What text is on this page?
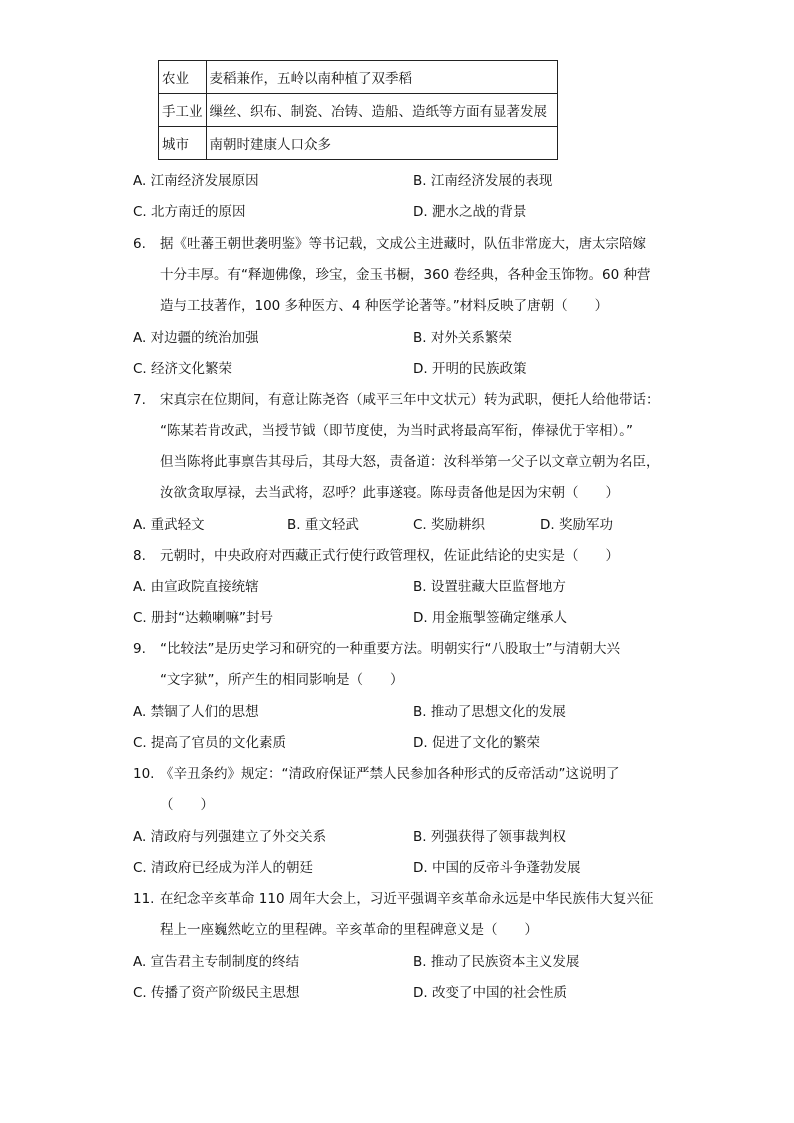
农业	麦稻兼作，五岭以南种植了双季稻
手工业	缫丝、织布、制瓷、冶铸、造船、造纸等方面有显著发展
城市	南朝时建康人口众多
A. 江南经济发展原因	B. 江南经济发展的表现
C. 北方南迁的原因	D. 淝水之战的背景
6. 据《吐蕃王朝世袭明鉴》等书记载，文成公主进藏时，队伍非常庞大，唐太宗陪嫁
十分丰厚。有“释迦佛像，珍宝，金玉书橱，360 卷经典，各种金玉饰物。60 种营
造与工技著作，100 多种医方、4 种医学论著等。”材料反映了唐朝（　　）
A. 对边疆的统治加强	B. 对外关系繁荣
C. 经济文化繁荣	D. 开明的民族政策
7. 宋真宗在位期间，有意让陈尧咨（咸平三年中文状元）转为武职，便托人给他带话：
“陈某若肯改武，当授节钺（即节度使，为当时武将最高军衔，俸禄优于宰相）。”
但当陈将此事禀告其母后，其母大怒，责备道：汝科举第一父子以文章立朝为名臣，
汝欲贪取厚禄，去当武将，忍呼？此事遂寝。陈母责备他是因为宋朝（　　）
A. 重武轻文	B. 重文轻武	C. 奖励耕织	D. 奖励军功
8. 元朝时，中央政府对西藏正式行使行政管理权，佐证此结论的史实是（　　）
A. 由宣政院直接统辖	B. 设置驻藏大臣监督地方
C. 册封“达赖喇嘛”封号	D. 用金瓶掣签确定继承人
9. “比较法”是历史学习和研究的一种重要方法。明朝实行“八股取士”与清朝大兴
“文字狱”，所产生的相同影响是（　　）
A. 禁锢了人们的思想	B. 推动了思想文化的发展
C. 提高了官员的文化素质	D. 促进了文化的繁荣
10. 《辛丑条约》规定：“清政府保证严禁人民参加各种形式的反帝活动”这说明了
（　　）
A. 清政府与列强建立了外交关系	B. 列强获得了领事裁判权
C. 清政府已经成为洋人的朝廷	D. 中国的反帝斗争蓬勃发展
11. 在纪念辛亥革命 110 周年大会上，习近平强调辛亥革命永远是中华民族伟大复兴征
程上一座巍然屹立的里程碑。辛亥革命的里程碑意义是（　　）
A. 宣告君主专制制度的终结	B. 推动了民族资本主义发展
C. 传播了资产阶级民主思想	D. 改变了中国的社会性质
